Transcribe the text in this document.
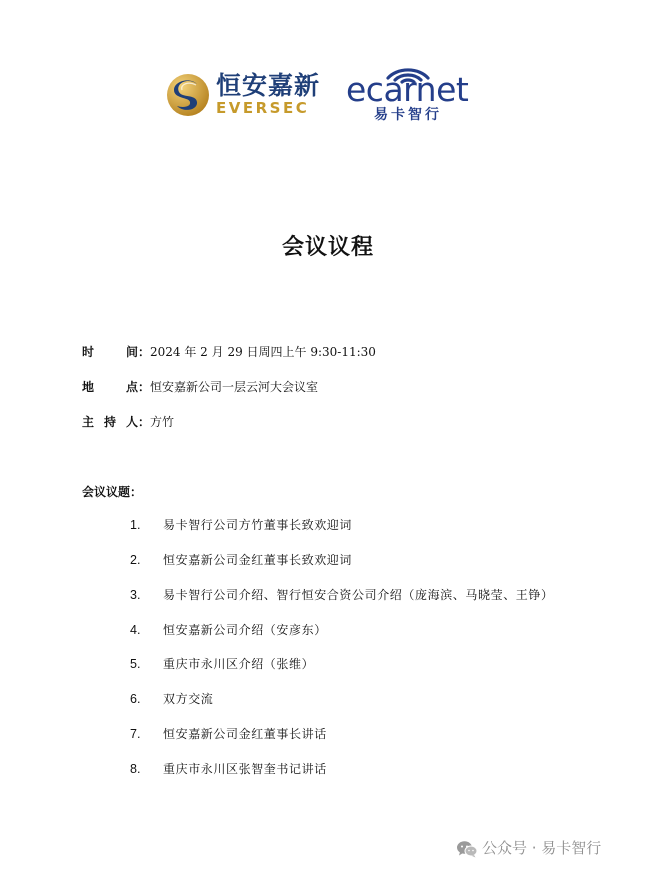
恒安嘉新
EVERSEC ecarnet
易卡智行
会议议程
时间：2024 年 2 月 29 日周四上午 9:30-11:30
地点：恒安嘉新公司一层云河大会议室
主持人：方竹
会议议题：
1. 易卡智行公司方竹董事长致欢迎词
2. 恒安嘉新公司金红董事长致欢迎词
3. 易卡智行公司介绍、智行恒安合资公司介绍（庞海滨、马晓莹、王铮）
4. 恒安嘉新公司介绍（安彦东）
5. 重庆市永川区介绍（张维）
6. 双方交流
7. 恒安嘉新公司金红董事长讲话
8. 重庆市永川区张智奎书记讲话
公众号 · 易卡智行
